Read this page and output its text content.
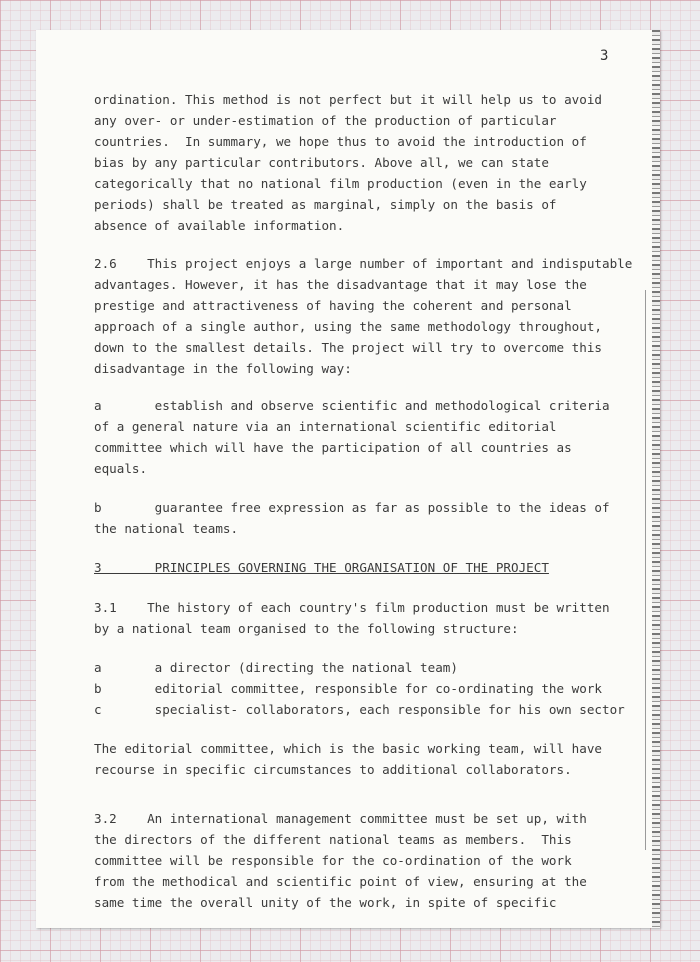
3
ordination. This method is not perfect but it will help us to avoid
any over- or under-estimation of the production of particular
countries.  In summary, we hope thus to avoid the introduction of
bias by any particular contributors. Above all, we can state
categorically that no national film production (even in the early
periods) shall be treated as marginal, simply on the basis of
absence of available information.
2.6    This project enjoys a large number of important and indisputable
advantages. However, it has the disadvantage that it may lose the
prestige and attractiveness of having the coherent and personal
approach of a single author, using the same methodology throughout,
down to the smallest details. The project will try to overcome this
disadvantage in the following way:
a       establish and observe scientific and methodological criteria
of a general nature via an international scientific editorial
committee which will have the participation of all countries as
equals.
b       guarantee free expression as far as possible to the ideas of
the national teams.
3       PRINCIPLES GOVERNING THE ORGANISATION OF THE PROJECT
3.1    The history of each country's film production must be written
by a national team organised to the following structure:
a       a director (directing the national team)
b       editorial committee, responsible for co-ordinating the work
c       specialist- collaborators, each responsible for his own sector
The editorial committee, which is the basic working team, will have
recourse in specific circumstances to additional collaborators.
3.2    An international management committee must be set up, with
the directors of the different national teams as members.  This
committee will be responsible for the co-ordination of the work
from the methodical and scientific point of view, ensuring at the
same time the overall unity of the work, in spite of specific
